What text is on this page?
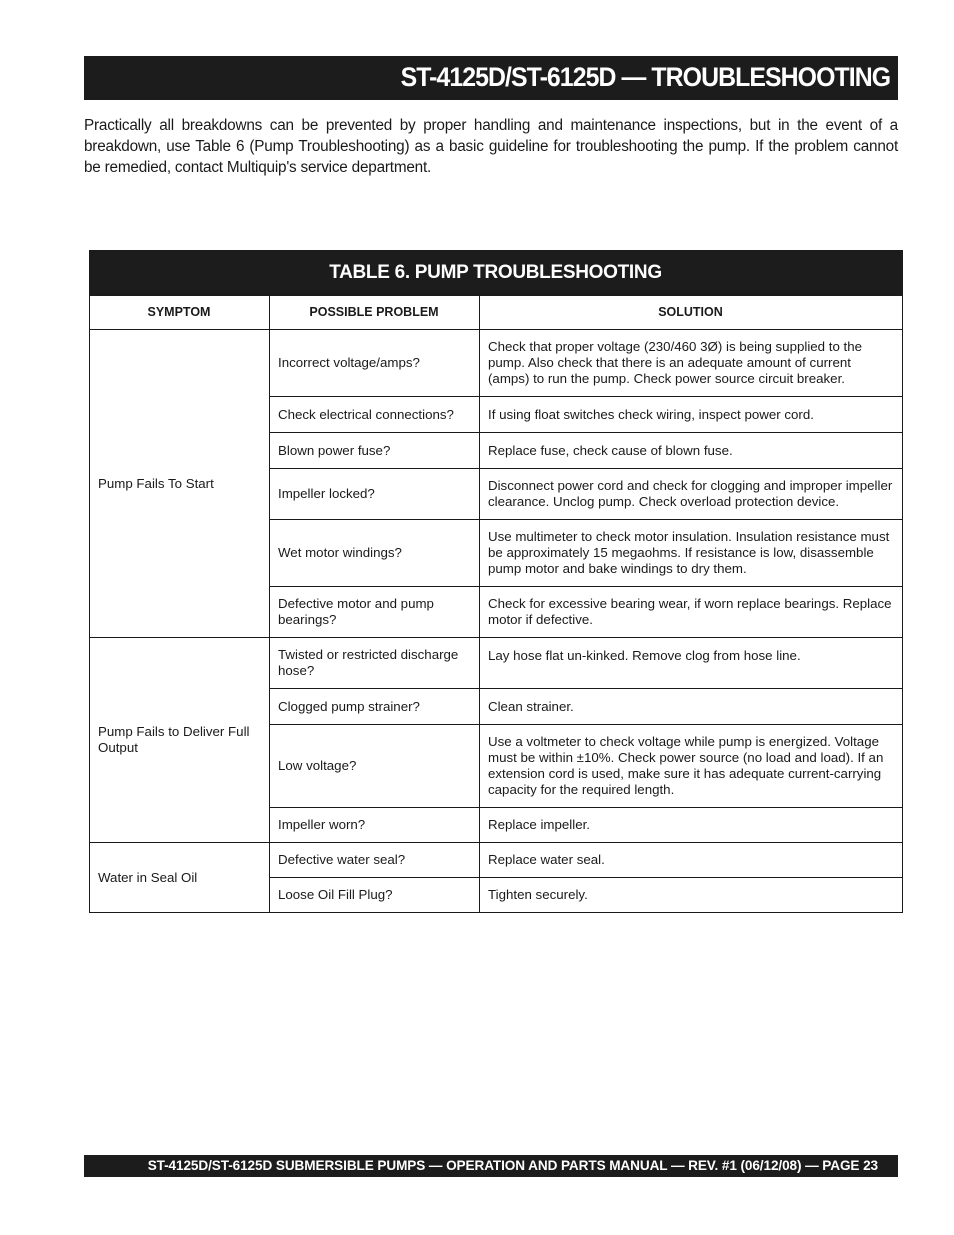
ST-4125D/ST-6125D — TROUBLESHOOTING

Practically all breakdowns can be prevented by proper handling and maintenance inspections, but in the event of a breakdown, use Table 6 (Pump Troubleshooting) as a basic guideline for troubleshooting the pump. If the problem cannot be remedied, contact Multiquip's service department.

TABLE 6. PUMP TROUBLESHOOTING		
SYMPTOM	POSSIBLE PROBLEM	SOLUTION
Pump Fails To Start	Incorrect voltage/amps?	Check that proper voltage (230/460 3Ø) is being supplied to the pump. Also check that there is an adequate amount of current (amps) to run the pump. Check power source circuit breaker.
	Check electrical connections?	If using float switches check wiring, inspect power cord.
	Blown power fuse?	Replace fuse, check cause of blown fuse.
	Impeller locked?	Disconnect power cord and check for clogging and improper impeller clearance. Unclog pump. Check overload protection device.
	Wet motor windings?	Use multimeter to check motor insulation. Insulation resistance must be approximately 15 megaohms. If resistance is low, disassemble pump motor and bake windings to dry them.
	Defective motor and pump bearings?	Check for excessive bearing wear, if worn replace bearings. Replace motor if defective.
Pump Fails to Deliver Full Output	Twisted or restricted discharge hose?	Lay hose flat un-kinked. Remove clog from hose line.
	Clogged pump strainer?	Clean strainer.
	Low voltage?	Use a voltmeter to check voltage while pump is energized. Voltage must be within ±10%. Check power source (no load and load). If an extension cord is used, make sure it has adequate current-carrying capacity for the required length.
	Impeller worn?	Replace impeller.
Water in Seal Oil	Defective water seal?	Replace water seal.
	Loose Oil Fill Plug?	Tighten securely.
ST-4125D/ST-6125D SUBMERSIBLE PUMPS — OPERATION AND PARTS MANUAL — REV. #1 (06/12/08) — PAGE 23
